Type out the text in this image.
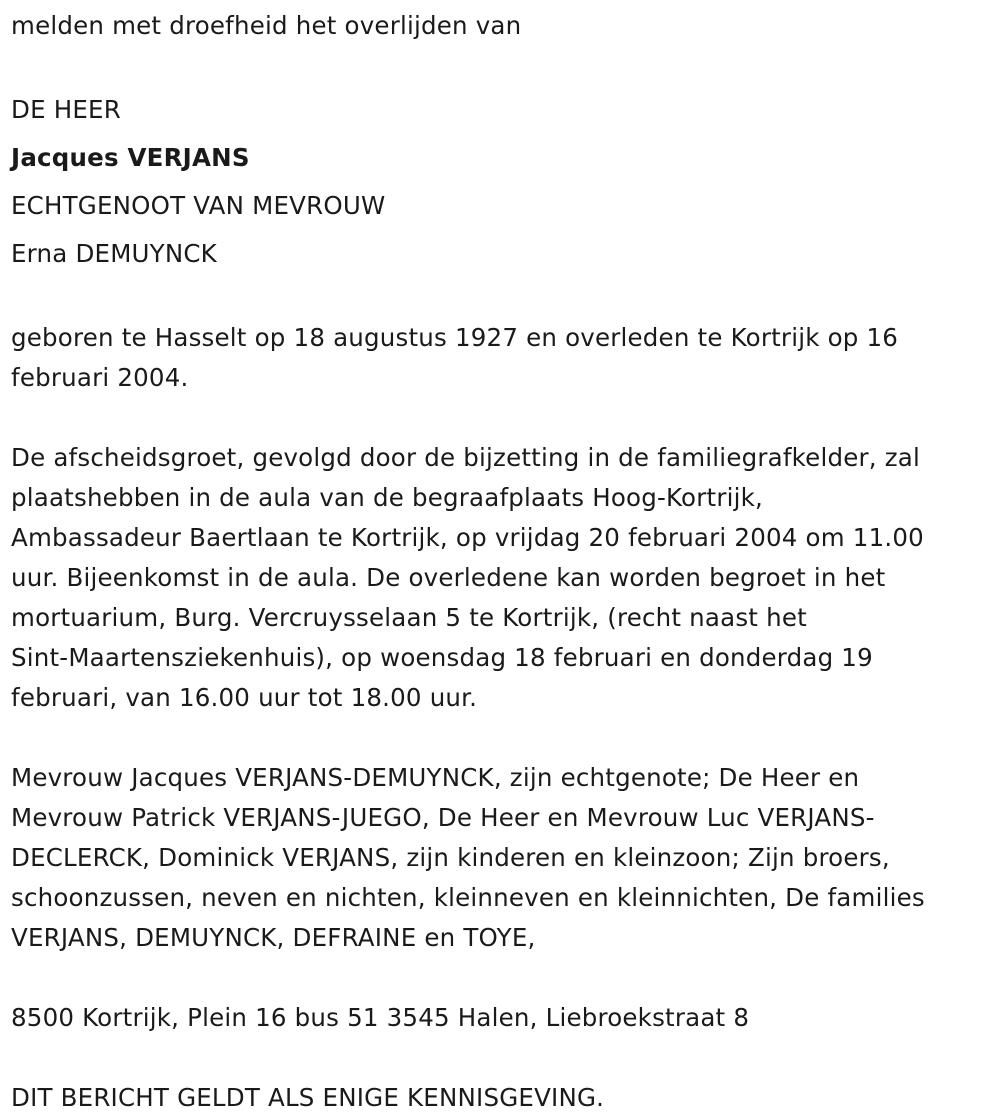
melden met droefheid het overlijden van

DE HEER

Jacques VERJANS

ECHTGENOOT VAN MEVROUW

Erna DEMUYNCK

geboren te Hasselt op 18 augustus 1927 en overleden te Kortrijk op 16

februari 2004.

De afscheidsgroet, gevolgd door de bijzetting in de familiegrafkelder, zal

plaatshebben in de aula van de begraafplaats Hoog-Kortrijk,

Ambassadeur Baertlaan te Kortrijk, op vrijdag 20 februari 2004 om 11.00

uur. Bijeenkomst in de aula. De overledene kan worden begroet in het

mortuarium, Burg. Vercruysselaan 5 te Kortrijk, (recht naast het

Sint-Maartensziekenhuis), op woensdag 18 februari en donderdag 19

februari, van 16.00 uur tot 18.00 uur.

Mevrouw Jacques VERJANS-DEMUYNCK, zijn echtgenote; De Heer en

Mevrouw Patrick VERJANS-JUEGO, De Heer en Mevrouw Luc VERJANS-

DECLERCK, Dominick VERJANS, zijn kinderen en kleinzoon; Zijn broers,

schoonzussen, neven en nichten, kleinneven en kleinnichten, De families

VERJANS, DEMUYNCK, DEFRAINE en TOYE,

8500 Kortrijk, Plein 16 bus 51 3545 Halen, Liebroekstraat 8

DIT BERICHT GELDT ALS ENIGE KENNISGEVING.
